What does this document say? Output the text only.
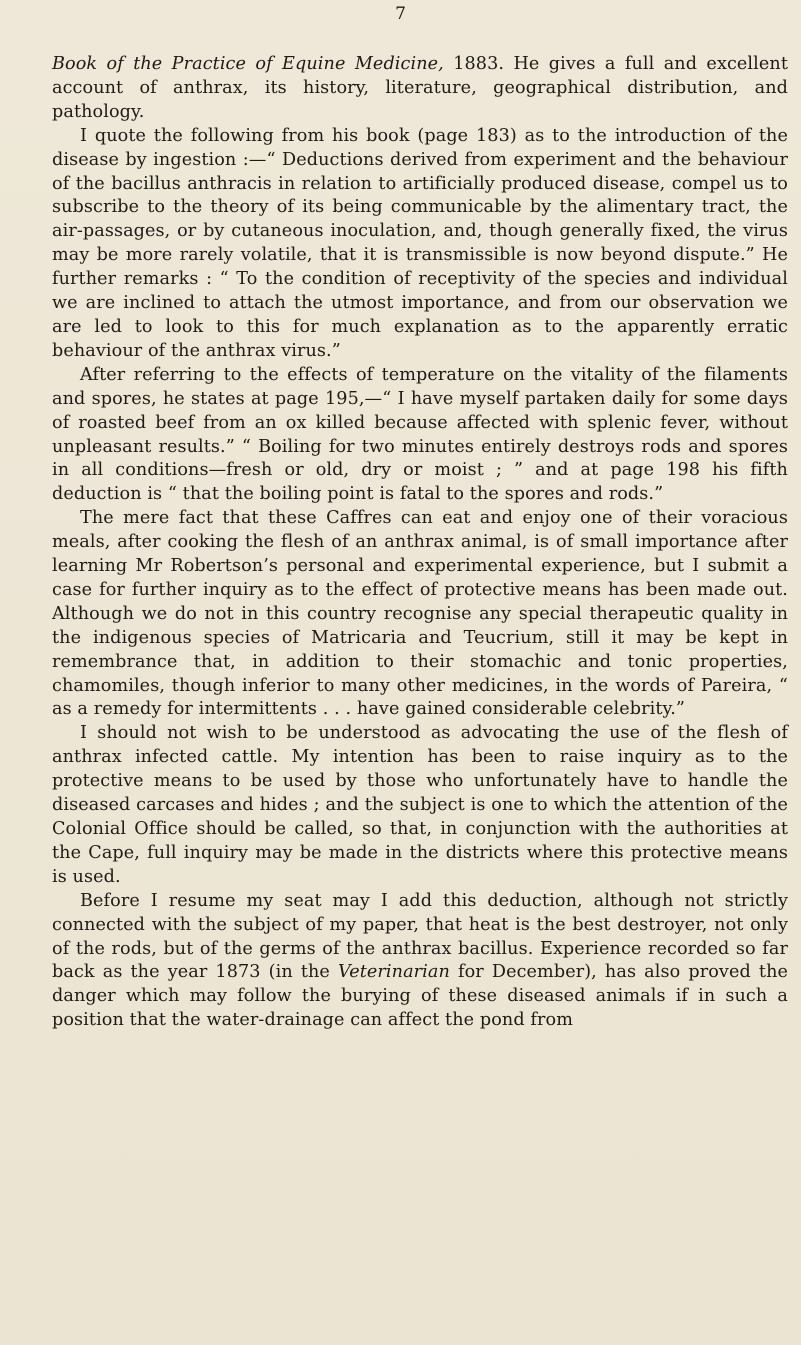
7

Book of the Practice of Equine Medicine, 1883. He gives a full and excellent account of anthrax, its history, literature, geographical distribution, and pathology.

I quote the following from his book (page 183) as to the introduction of the disease by ingestion :—“ Deductions derived from experiment and the behaviour of the bacillus anthracis in relation to artificially produced disease, compel us to subscribe to the theory of its being communicable by the alimentary tract, the air-passages, or by cutaneous inoculation, and, though generally fixed, the virus may be more rarely volatile, that it is transmissible is now beyond dispute.” He further remarks : “ To the condition of receptivity of the species and individual we are inclined to attach the utmost importance, and from our observation we are led to look to this for much explanation as to the apparently erratic behaviour of the anthrax virus.”

After referring to the effects of temperature on the vitality of the filaments and spores, he states at page 195,—“ I have myself partaken daily for some days of roasted beef from an ox killed because affected with splenic fever, without unpleasant results.” “ Boiling for two minutes entirely destroys rods and spores in all conditions—fresh or old, dry or moist ; ” and at page 198 his fifth deduction is “ that the boiling point is fatal to the spores and rods.”

The mere fact that these Caffres can eat and enjoy one of their voracious meals, after cooking the flesh of an anthrax animal, is of small importance after learning Mr Robertson’s personal and experimental experience, but I submit a case for further inquiry as to the effect of protective means has been made out. Although we do not in this country recognise any special therapeutic quality in the indigenous species of Matricaria and Teucrium, still it may be kept in remembrance that, in addition to their stomachic and tonic properties, chamomiles, though inferior to many other medicines, in the words of Pareira, “ as a remedy for intermittents . . . have gained considerable celebrity.”

I should not wish to be understood as advocating the use of the flesh of anthrax infected cattle. My intention has been to raise inquiry as to the protective means to be used by those who unfortunately have to handle the diseased carcases and hides ; and the subject is one to which the attention of the Colonial Office should be called, so that, in conjunction with the authorities at the Cape, full inquiry may be made in the districts where this protective means is used.

Before I resume my seat may I add this deduction, although not strictly connected with the subject of my paper, that heat is the best destroyer, not only of the rods, but of the germs of the anthrax bacillus. Experience recorded so far back as the year 1873 (in the Veterinarian for December), has also proved the danger which may follow the burying of these diseased animals if in such a position that the water-drainage can affect the pond from
